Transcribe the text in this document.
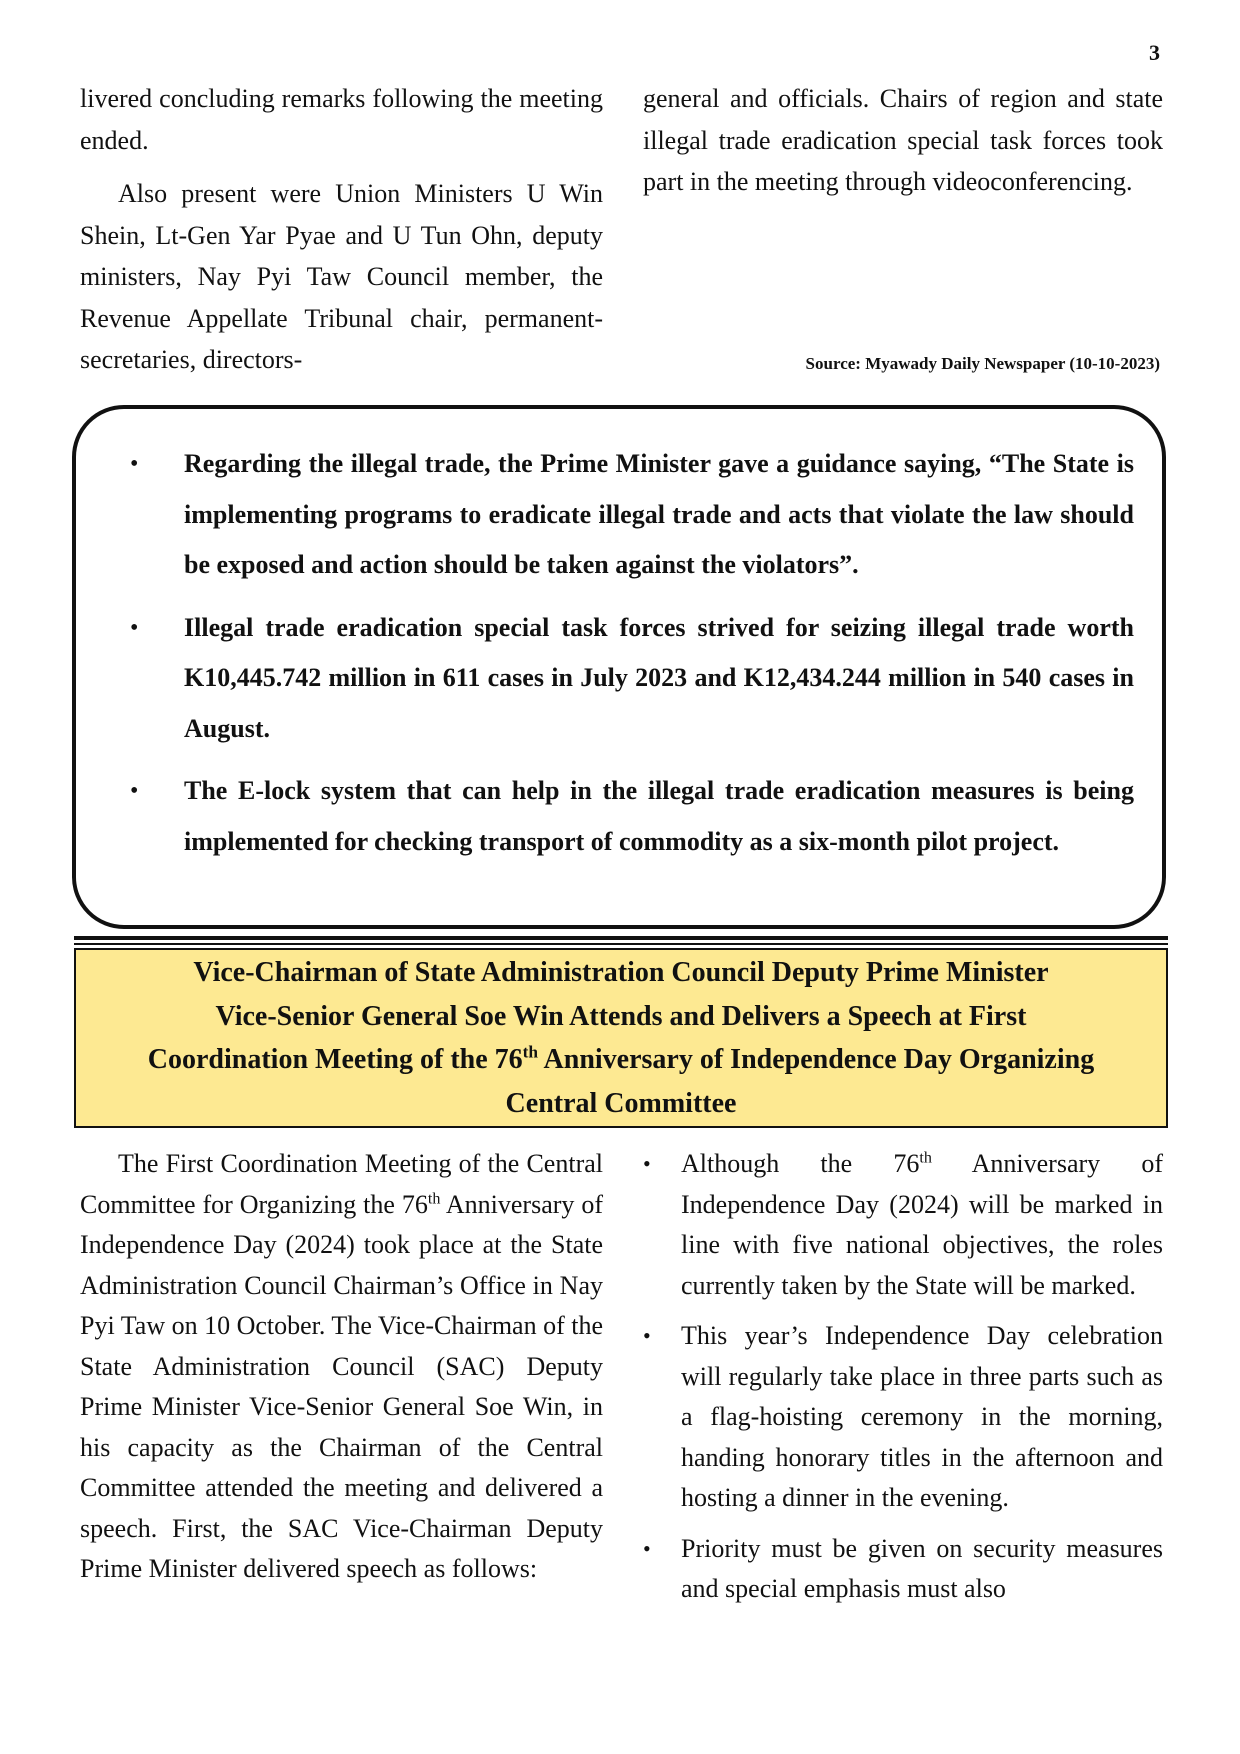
3

livered concluding remarks following the meeting ended.

Also present were Union Ministers U Win Shein, Lt-Gen Yar Pyae and U Tun Ohn, deputy ministers, Nay Pyi Taw Council member, the Revenue Appellate Tribunal chair, permanent-secretaries, directors-

general and officials. Chairs of region and state illegal trade eradication special task forces took part in the meeting through videoconferencing.

Source: Myawady Daily Newspaper (10-10-2023)
• Regarding the illegal trade, the Prime Minister gave a guidance saying, “The State is implementing programs to eradicate illegal trade and acts that violate the law should be exposed and action should be taken against the violators”.
• Illegal trade eradication special task forces strived for seizing illegal trade worth K10,445.742 million in 611 cases in July 2023 and K12,434.244 million in 540 cases in August.
• The E-lock system that can help in the illegal trade eradication measures is being implemented for checking transport of commodity as a six-month pilot project.
Vice-Chairman of State Administration Council Deputy Prime Minister
Vice-Senior General Soe Win Attends and Delivers a Speech at First
Coordination Meeting of the 76th Anniversary of Independence Day Organizing
Central Committee

The First Coordination Meeting of the Central Committee for Organizing the 76th Anniversary of Independence Day (2024) took place at the State Administration Council Chairman’s Office in Nay Pyi Taw on 10 October. The Vice-Chairman of the State Administration Council (SAC) Deputy Prime Minister Vice-Senior General Soe Win, in his capacity as the Chairman of the Central Committee attended the meeting and delivered a speech. First, the SAC Vice-Chairman Deputy Prime Minister delivered speech as follows:

• Although the 76th Anniversary of Independence Day (2024) will be marked in line with five national objectives, the roles currently taken by the State will be marked.
• This year’s Independence Day celebration will regularly take place in three parts such as a flag-hoisting ceremony in the morning, handing honorary titles in the afternoon and hosting a dinner in the evening.
• Priority must be given on security measures and special emphasis must also
